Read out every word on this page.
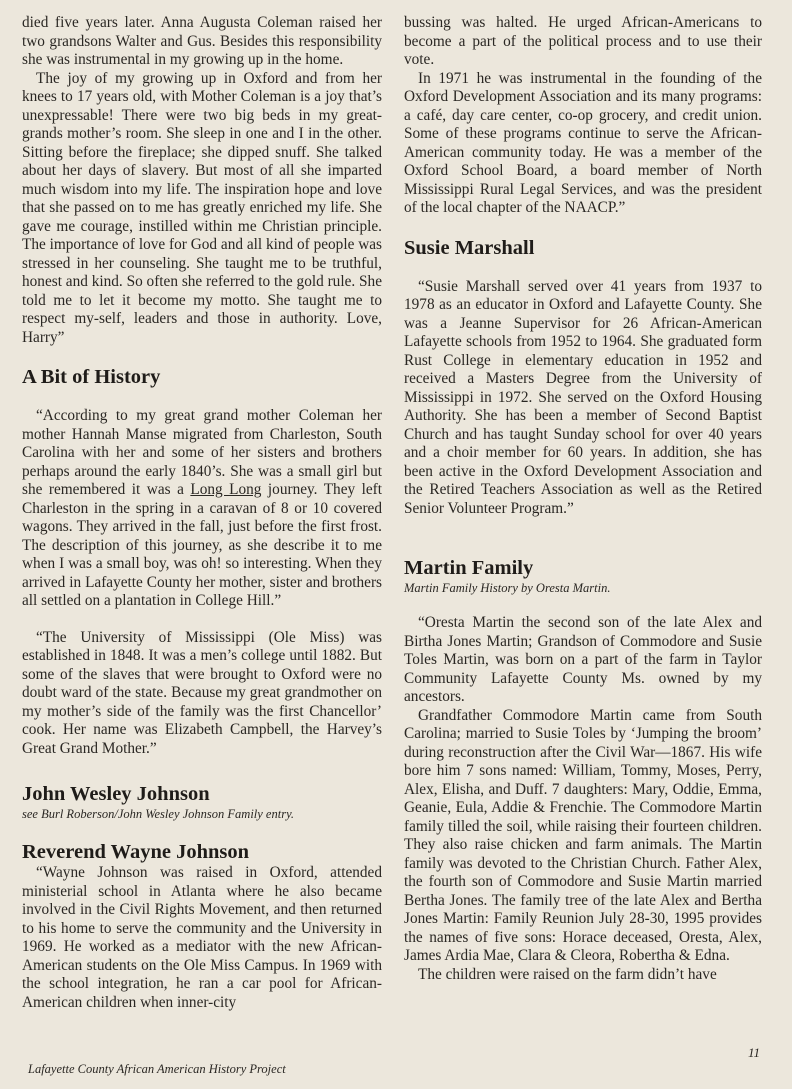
died five years later. Anna Augusta Coleman raised her two grandsons Walter and Gus. Besides this responsibility she was instrumental in my growing up in the home.

The joy of my growing up in Oxford and from her knees to 17 years old, with Mother Coleman is a joy that’s unexpressable! There were two big beds in my great-grands mother’s room. She sleep in one and I in the other. Sitting before the fireplace; she dipped snuff. She talked about her days of slavery. But most of all she imparted much wisdom into my life. The inspiration hope and love that she passed on to me has greatly enriched my life. She gave me courage, instilled within me Christian principle. The importance of love for God and all kind of people was stressed in her counseling. She taught me to be truthful, honest and kind. So often she referred to the gold rule. She told me to let it become my motto. She taught me to respect my-self, leaders and those in authority. Love, Harry”

A Bit of History

“According to my great grand mother Coleman her mother Hannah Manse migrated from Charleston, South Carolina with her and some of her sisters and brothers perhaps around the early 1840’s. She was a small girl but she remembered it was a Long Long journey. They left Charleston in the spring in a caravan of 8 or 10 covered wagons. They arrived in the fall, just before the first frost. The description of this journey, as she describe it to me when I was a small boy, was oh! so interesting. When they arrived in Lafayette County her mother, sister and brothers all settled on a plantation in College Hill.”

“The University of Mississippi (Ole Miss) was established in 1848. It was a men’s college until 1882. But some of the slaves that were brought to Oxford were no doubt ward of the state. Because my great grandmother on my mother’s side of the family was the first Chancellor’ cook. Her name was Elizabeth Campbell, the Harvey’s Great Grand Mother.”

John Wesley Johnson
see Burl Roberson/John Wesley Johnson Family entry.
Reverend Wayne Johnson

“Wayne Johnson was raised in Oxford, attended ministerial school in Atlanta where he also became involved in the Civil Rights Movement, and then returned to his home to serve the community and the University in 1969. He worked as a mediator with the new African-American students on the Ole Miss Campus. In 1969 with the school integration, he ran a car pool for African-American children when inner-city

bussing was halted. He urged African-Americans to become a part of the political process and to use their vote.

In 1971 he was instrumental in the founding of the Oxford Development Association and its many programs: a café, day care center, co-op grocery, and credit union. Some of these programs continue to serve the African-American community today. He was a member of the Oxford School Board, a board member of North Mississippi Rural Legal Services, and was the president of the local chapter of the NAACP.”

Susie Marshall

“Susie Marshall served over 41 years from 1937 to 1978 as an educator in Oxford and Lafayette County. She was a Jeanne Supervisor for 26 African-American Lafayette schools from 1952 to 1964. She graduated form Rust College in elementary education in 1952 and received a Masters Degree from the University of Mississippi in 1972. She served on the Oxford Housing Authority. She has been a member of Second Baptist Church and has taught Sunday school for over 40 years and a choir member for 60 years. In addition, she has been active in the Oxford Development Association and the Retired Teachers Association as well as the Retired Senior Volunteer Program.”

Martin Family
Martin Family History by Oresta Martin.

“Oresta Martin the second son of the late Alex and Birtha Jones Martin; Grandson of Commodore and Susie Toles Martin, was born on a part of the farm in Taylor Community Lafayette County Ms. owned by my ancestors.

Grandfather Commodore Martin came from South Carolina; married to Susie Toles by ‘Jumping the broom’ during reconstruction after the Civil War—1867. His wife bore him 7 sons named: William, Tommy, Moses, Perry, Alex, Elisha, and Duff. 7 daughters: Mary, Oddie, Emma, Geanie, Eula, Addie & Frenchie. The Commodore Martin family tilled the soil, while raising their fourteen children. They also raise chicken and farm animals. The Martin family was devoted to the Christian Church. Father Alex, the fourth son of Commodore and Susie Martin married Bertha Jones. The family tree of the late Alex and Bertha Jones Martin: Family Reunion July 28-30, 1995 provides the names of five sons: Horace deceased, Oresta, Alex, James Ardia Mae, Clara & Cleora, Robertha & Edna.

The children were raised on the farm didn’t have

Lafayette County African American History Project
11
